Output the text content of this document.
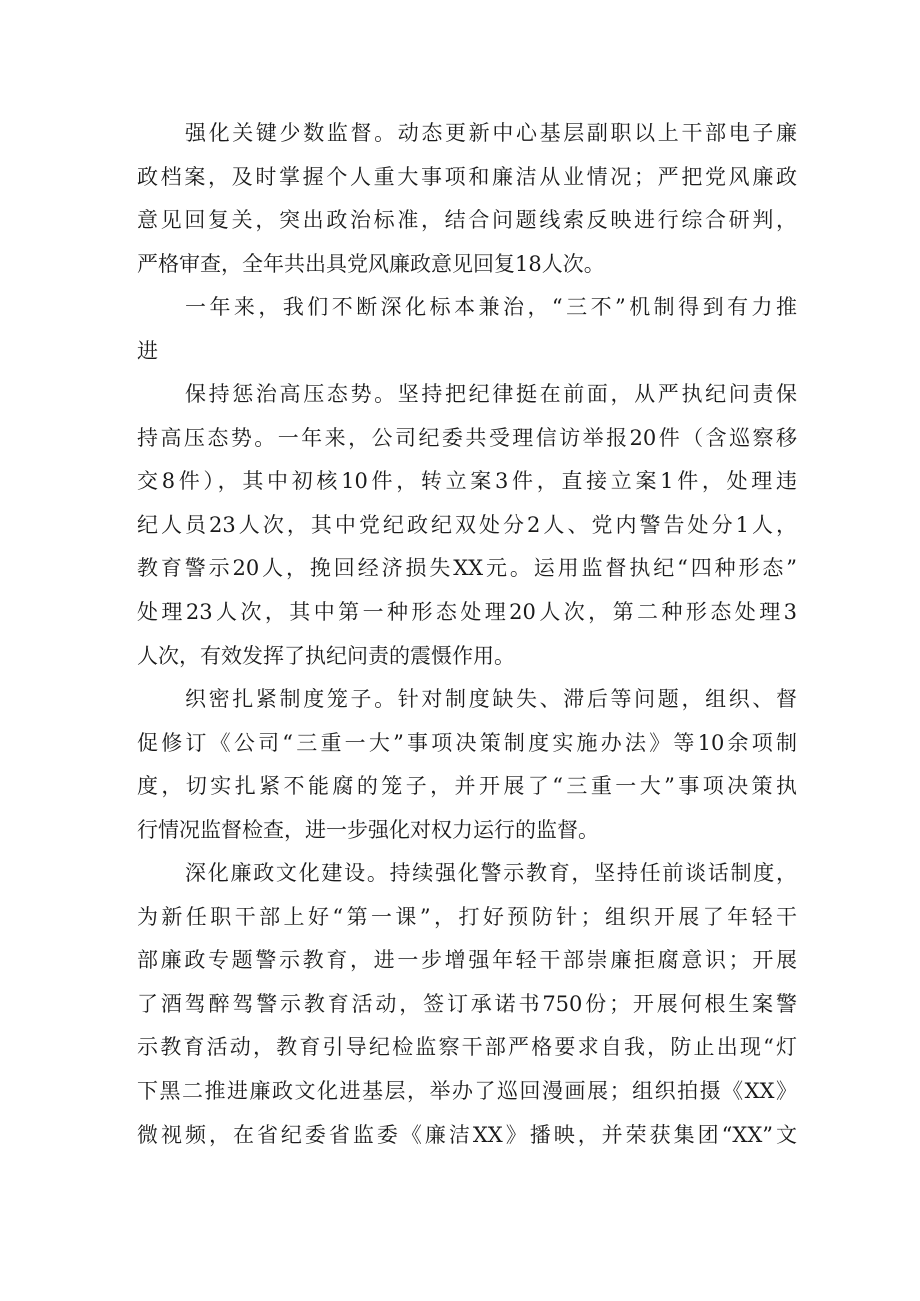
强化关键少数监督。动态更新中心基层副职以上干部电子廉
政档案，及时掌握个人重大事项和廉洁从业情况；严把党风廉政
意见回复关，突出政治标准，结合问题线索反映进行综合研判，
严格审查，全年共出具党风廉政意见回复18人次。
一年来，我们不断深化标本兼治，“三不”机制得到有力推
进
保持惩治高压态势。坚持把纪律挺在前面，从严执纪问责保
持高压态势。一年来，公司纪委共受理信访举报20件（含巡察移
交8件），其中初核10件，转立案3件，直接立案1件，处理违
纪人员23人次，其中党纪政纪双处分2人、党内警告处分1人，
教育警示20人，挽回经济损失XX元。运用监督执纪“四种形态”
处理23人次，其中第一种形态处理20人次，第二种形态处理3
人次，有效发挥了执纪问责的震慑作用。
织密扎紧制度笼子。针对制度缺失、滞后等问题，组织、督
促修订《公司“三重一大”事项决策制度实施办法》等10余项制
度，切实扎紧不能腐的笼子，并开展了“三重一大”事项决策执
行情况监督检查，进一步强化对权力运行的监督。
深化廉政文化建设。持续强化警示教育，坚持任前谈话制度，
为新任职干部上好“第一课”，打好预防针；组织开展了年轻干
部廉政专题警示教育，进一步增强年轻干部崇廉拒腐意识；开展
了酒驾醉驾警示教育活动，签订承诺书750份；开展何根生案警
示教育活动，教育引导纪检监察干部严格要求自我，防止出现“灯
下黑二推进廉政文化进基层，举办了巡回漫画展；组织拍摄《XX》
微视频，在省纪委省监委《廉洁XX》播映，并荣获集团“XX”文
